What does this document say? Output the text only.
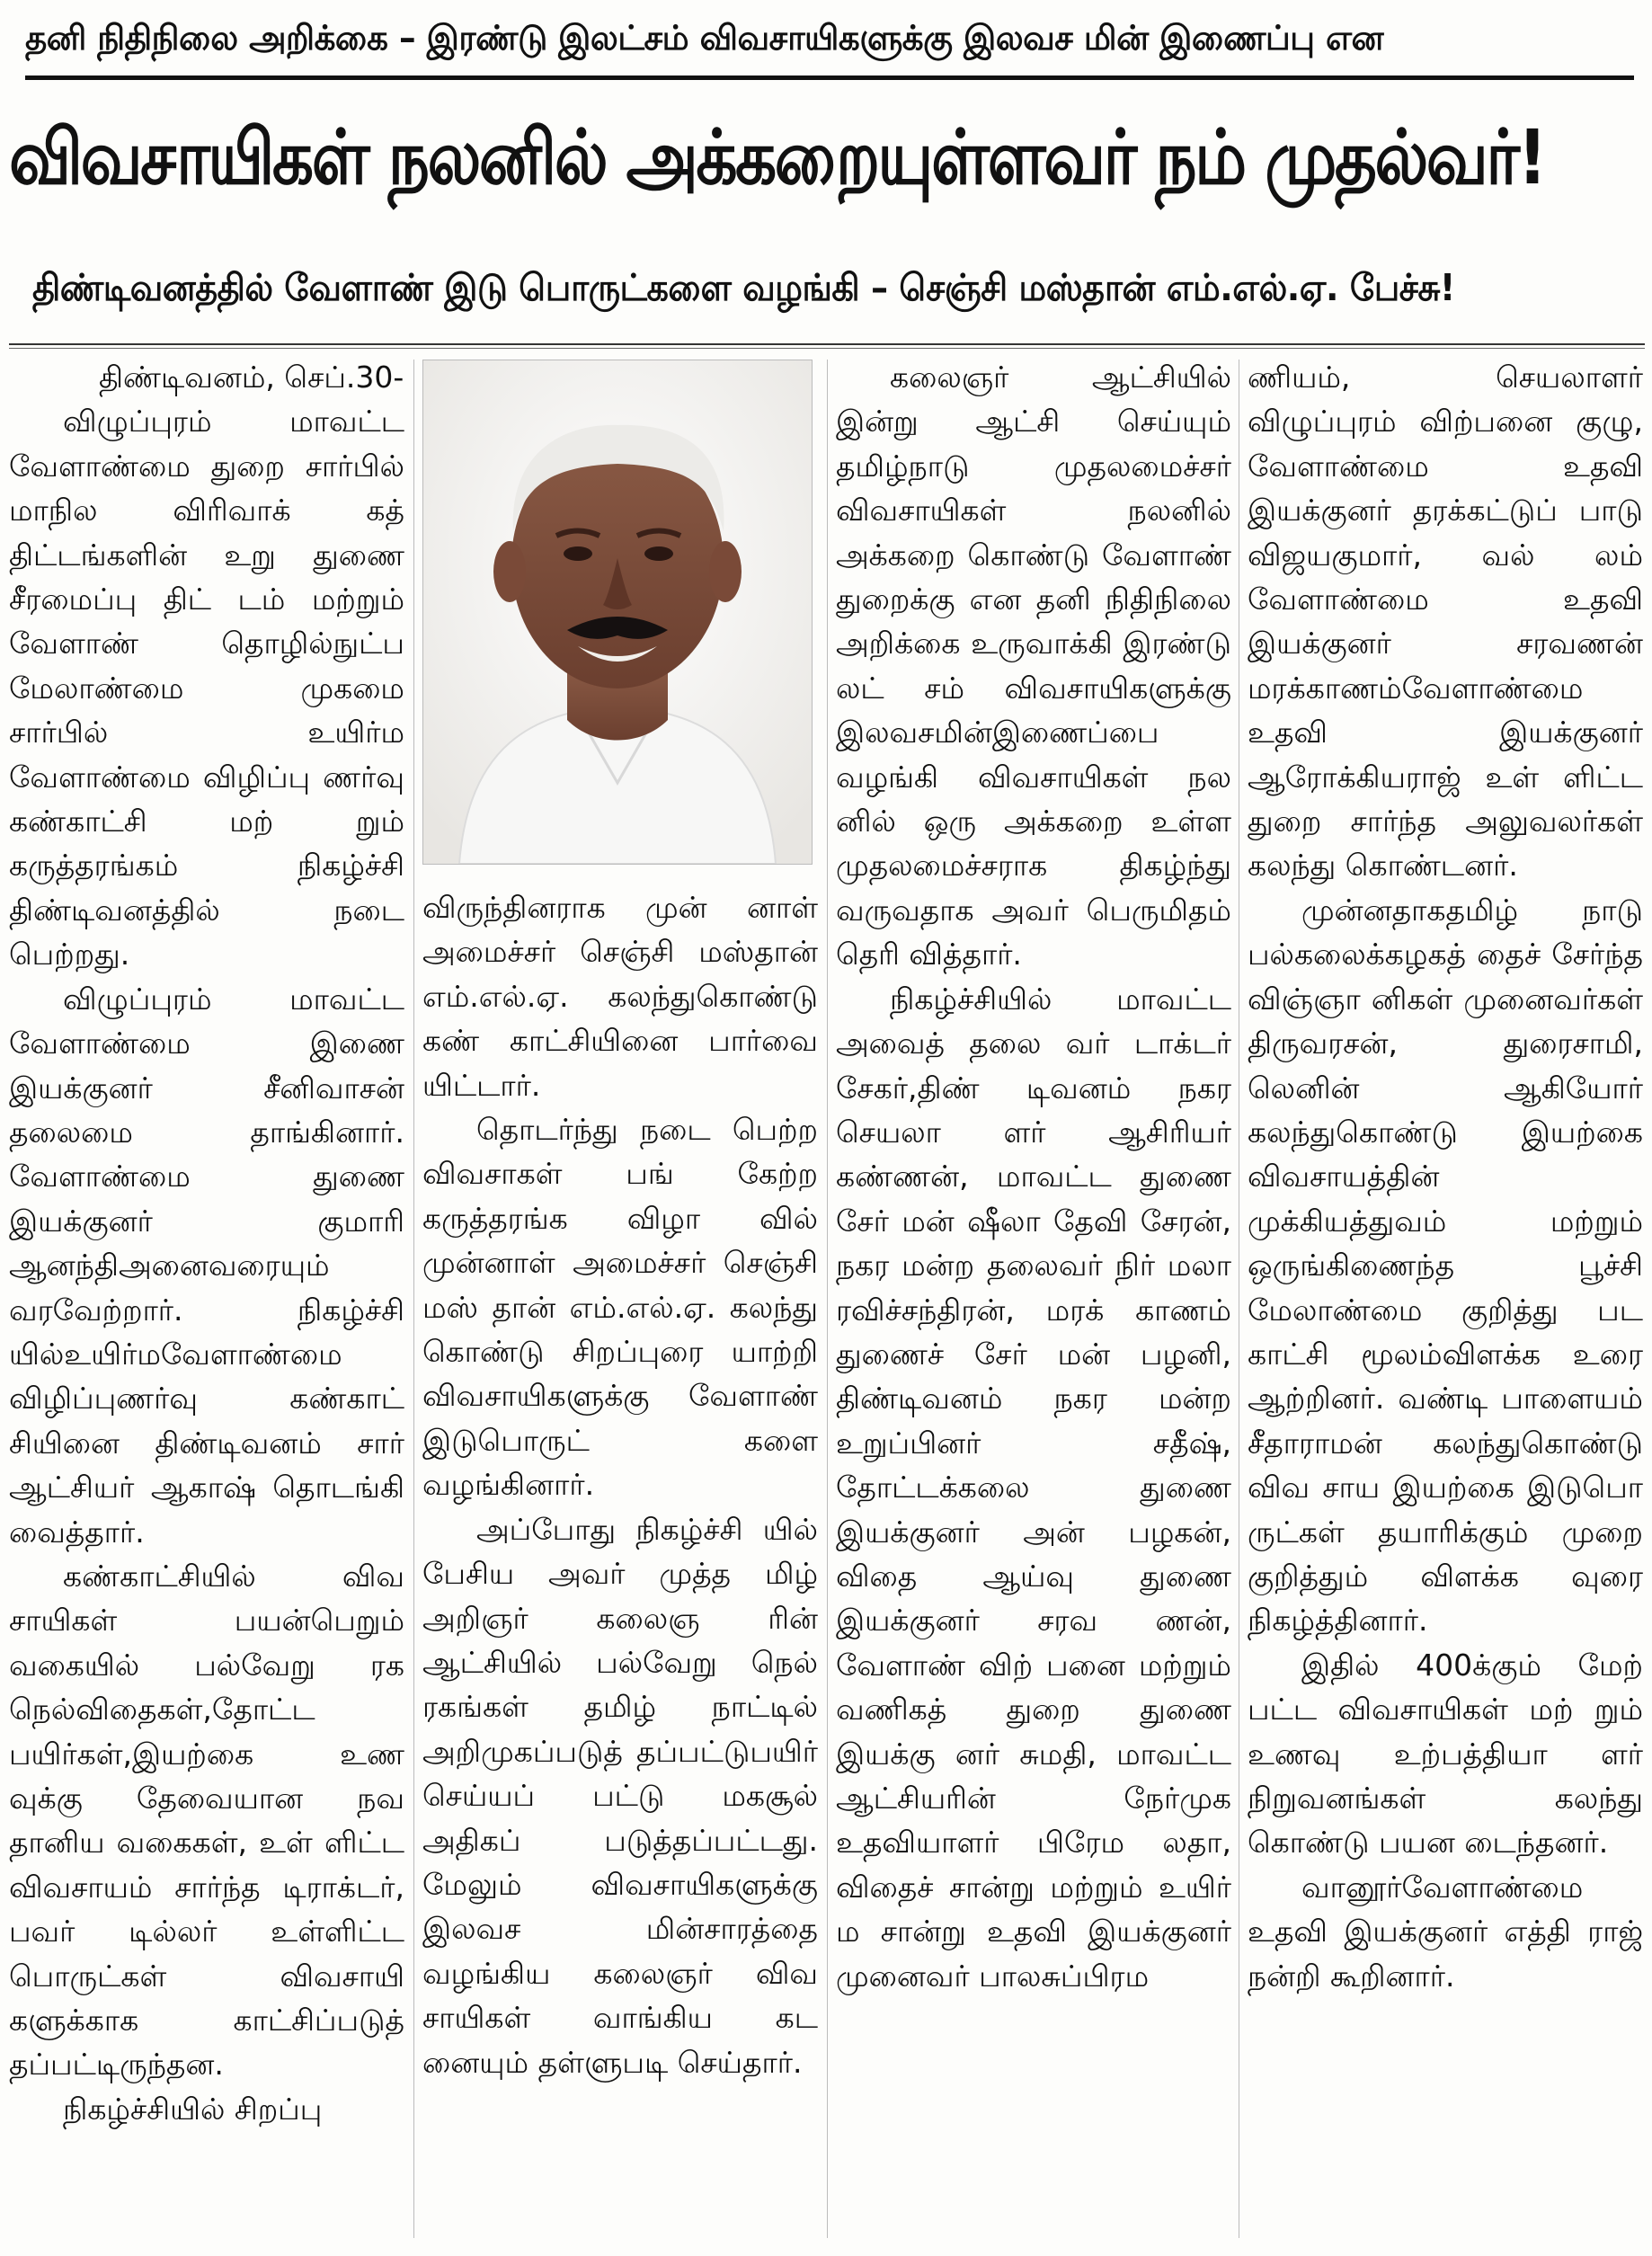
தனி நிதிநிலை அறிக்கை – இரண்டு இலட்சம் விவசாயிகளுக்கு இலவச மின் இணைப்பு என
விவசாயிகள் நலனில் அக்கறையுள்ளவர் நம் முதல்வர்!
திண்டிவனத்தில் வேளாண் இடு பொருட்களை வழங்கி – செஞ்சி மஸ்தான் எம்.எல்.ஏ. பேச்சு!

திண்டிவனம், செப்.30-

விழுப்புரம் மாவட்ட வேளாண்மை துறை சார்பில் மாநில விரிவாக் கத் திட்டங்களின் உறு துணை சீரமைப்பு திட் டம் மற்றும் வேளாண் தொழில்நுட்ப மேலாண்மை முகமை சார்பில் உயிர்ம வேளாண்மை விழிப்பு ணர்வு கண்காட்சி மற் றும் கருத்தரங்கம் நிகழ்ச்சி திண்டிவனத்தில் நடை பெற்றது.

விழுப்புரம் மாவட்ட வேளாண்மை இணை இயக்குனர் சீனிவாசன் தலைமை தாங்கினார். வேளாண்மை துணை இயக்குனர் குமாரி ஆனந்திஅனைவரையும் வரவேற்றார். நிகழ்ச்சி யில்உயிர்மவேளாண்மை விழிப்புணர்வு கண்காட் சியினை திண்டிவனம் சார் ஆட்சியர் ஆகாஷ் தொடங்கி வைத்தார்.

கண்காட்சியில் விவ சாயிகள் பயன்பெறும் வகையில் பல்வேறு ரக நெல்விதைகள்,தோட்ட பயிர்கள்,இயற்கை உண வுக்கு தேவையான நவ தானிய வகைகள், உள் ளிட்ட விவசாயம் சார்ந்த டிராக்டர், பவர் டில்லர் உள்ளிட்ட பொருட்கள் விவசாயி களுக்காக காட்சிப்படுத் தப்பட்டிருந்தன.

நிகழ்ச்சியில் சிறப்பு

விருந்தினராக முன் னாள் அமைச்சர் செஞ்சி மஸ்தான் எம்.எல்.ஏ. கலந்துகொண்டு கண் காட்சியினை பார்வை யிட்டார்.

தொடர்ந்து நடை பெற்ற விவசாகள் பங் கேற்ற கருத்தரங்க விழா வில் முன்னாள் அமைச்சர் செஞ்சி மஸ் தான் எம்.எல்.ஏ. கலந்து கொண்டு சிறப்புரை யாற்றி விவசாயிகளுக்கு வேளாண் இடுபொருட் களை வழங்கினார்.

அப்போது நிகழ்ச்சி யில் பேசிய அவர் முத்த மிழ் அறிஞர் கலைஞ ரின் ஆட்சியில் பல்வேறு நெல் ரகங்கள் தமிழ் நாட்டில் அறிமுகப்படுத் தப்பட்டுபயிர் செய்யப் பட்டு மகசூல் அதிகப் படுத்தப்பட்டது. மேலும் விவசாயிகளுக்கு இலவச மின்சாரத்தை வழங்கிய கலைஞர் விவ சாயிகள் வாங்கிய கட னையும் தள்ளுபடி செய்தார்.

கலைஞர் ஆட்சியில் இன்று ஆட்சி செய்யும் தமிழ்நாடு முதலமைச்சர் விவசாயிகள் நலனில் அக்கறை கொண்டு வேளாண் துறைக்கு என தனி நிதிநிலை அறிக்கை உருவாக்கி இரண்டு லட் சம் விவசாயிகளுக்கு இலவசமின்இணைப்பை வழங்கி விவசாயிகள் நல னில் ஒரு அக்கறை உள்ள முதலமைச்சராக திகழ்ந்து வருவதாக அவர் பெருமிதம் தெரி வித்தார்.

நிகழ்ச்சியில் மாவட்ட அவைத் தலை வர் டாக்டர் சேகர்,திண் டிவனம் நகர செயலா ளர் ஆசிரியர் கண்ணன், மாவட்ட துணை சேர் மன் ஷீலா தேவி சேரன், நகர மன்ற தலைவர் நிர் மலா ரவிச்சந்திரன், மரக் காணம் துணைச் சேர் மன் பழனி, திண்டிவனம் நகர மன்ற உறுப்பினர் சதீஷ், தோட்டக்கலை துணை இயக்குனர் அன் பழகன், விதை ஆய்வு துணை இயக்குனர் சரவ ணன், வேளாண் விற் பனை மற்றும் வணிகத் துறை துணை இயக்கு னர் சுமதி, மாவட்ட ஆட்சியரின் நேர்முக உதவியாளர் பிரேம லதா, விதைச் சான்று மற்றும் உயிர் ம சான்று உதவி இயக்குனர் முனைவர் பாலசுப்பிரம

ணியம், செயலாளர் விழுப்புரம் விற்பனை குழு, வேளாண்மை உதவி இயக்குனர் தரக்கட்டுப் பாடு விஜயகுமார், வல் லம் வேளாண்மை உதவி இயக்குனர் சரவணன் மரக்காணம்வேளாண்மை உதவி இயக்குனர் ஆரோக்கியராஜ் உள் ளிட்ட துறை சார்ந்த அலுவலர்கள் கலந்து கொண்டனர்.

முன்னதாகதமிழ் நாடு பல்கலைக்கழகத் தைச் சேர்ந்த விஞ்ஞா னிகள் முனைவர்கள் திருவரசன், துரைசாமி, லெனின் ஆகியோர் கலந்துகொண்டு இயற்கை விவசாயத்தின் முக்கியத்துவம் மற்றும் ஒருங்கிணைந்த பூச்சி மேலாண்மை குறித்து பட காட்சி மூலம்விளக்க உரை ஆற்றினர். வண்டி பாளையம் சீதாராமன் கலந்துகொண்டு விவ சாய இயற்கை இடுபொ ருட்கள் தயாரிக்கும் முறை குறித்தும் விளக்க வுரை நிகழ்த்தினார்.

இதில் 400க்கும் மேற் பட்ட விவசாயிகள் மற் றும் உணவு உற்பத்தியா ளர் நிறுவனங்கள் கலந்து கொண்டு பயன டைந்தனர்.

வானூர்வேளாண்மை உதவி இயக்குனர் எத்தி ராஜ் நன்றி கூறினார்.
